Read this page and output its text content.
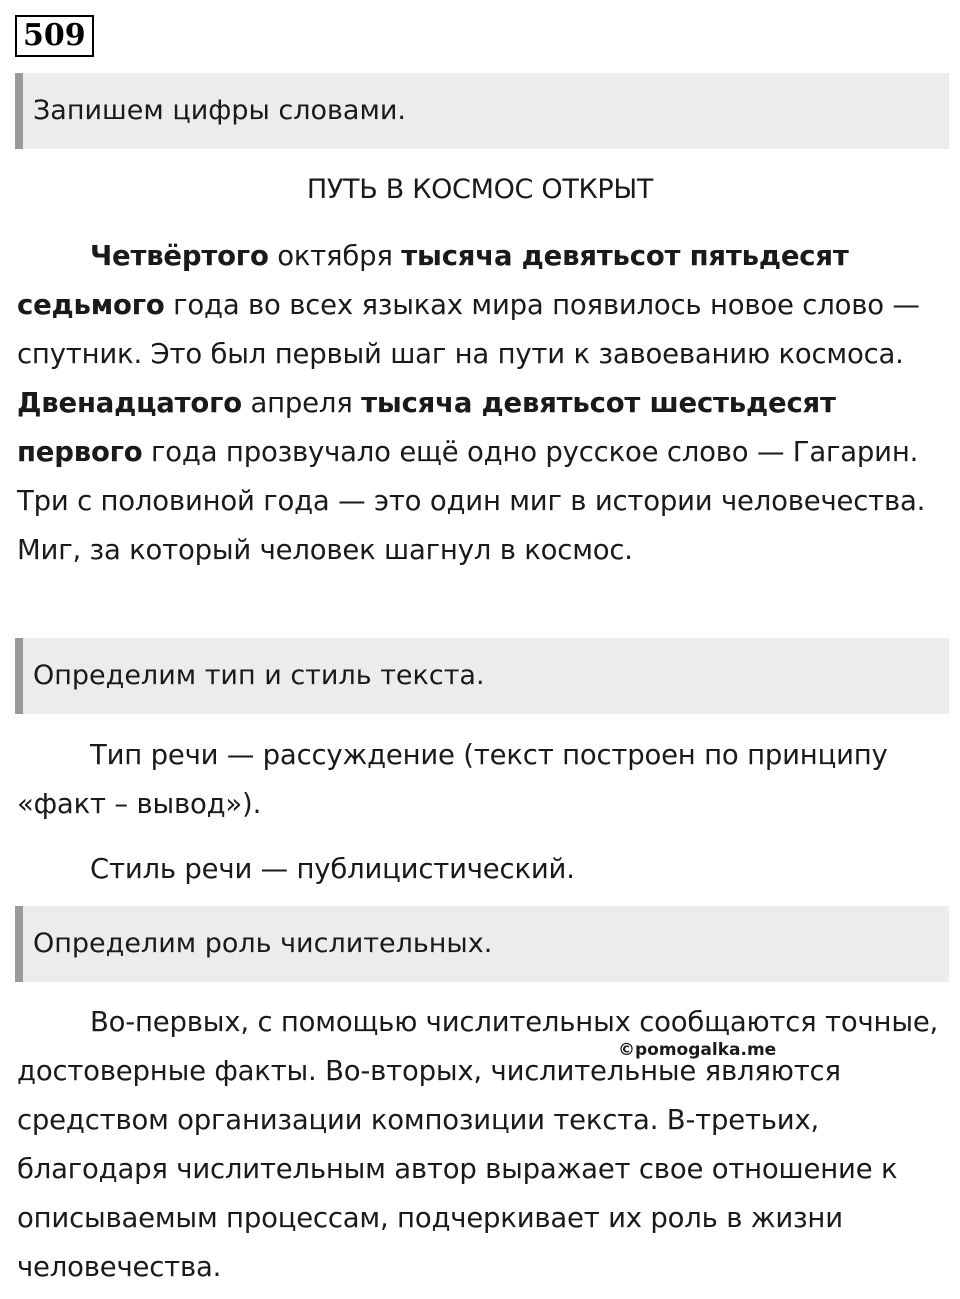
509
Запишем цифры словами.
ПУТЬ В КОСМОС ОТКРЫТ

Четвёртого октября тысяча девятьсот пятьдесят седьмого года во всех языках мира появилось новое слово — спутник. Это был первый шаг на пути к завоеванию космоса. Двенадцатого апреля тысяча девятьсот шестьдесят первого года прозвучало ещё одно русское слово — Гагарин. Три с половиной года — это один миг в истории человечества. Миг, за который человек шагнул в космос.

Определим тип и стиль текста.

Тип речи — рассуждение (текст построен по принципу «факт – вывод»).

Стиль речи — публицистический.

Определим роль числительных.

Во-первых, с помощью числительных сообщаются точные, достоверные факты. Во-вторых, числительные являются средством организации композиции текста. В-третьих, благодаря числительным автор выражает свое отношение к описываемым процессам, подчеркивает их роль в жизни человечества.

©pomogalka.me
